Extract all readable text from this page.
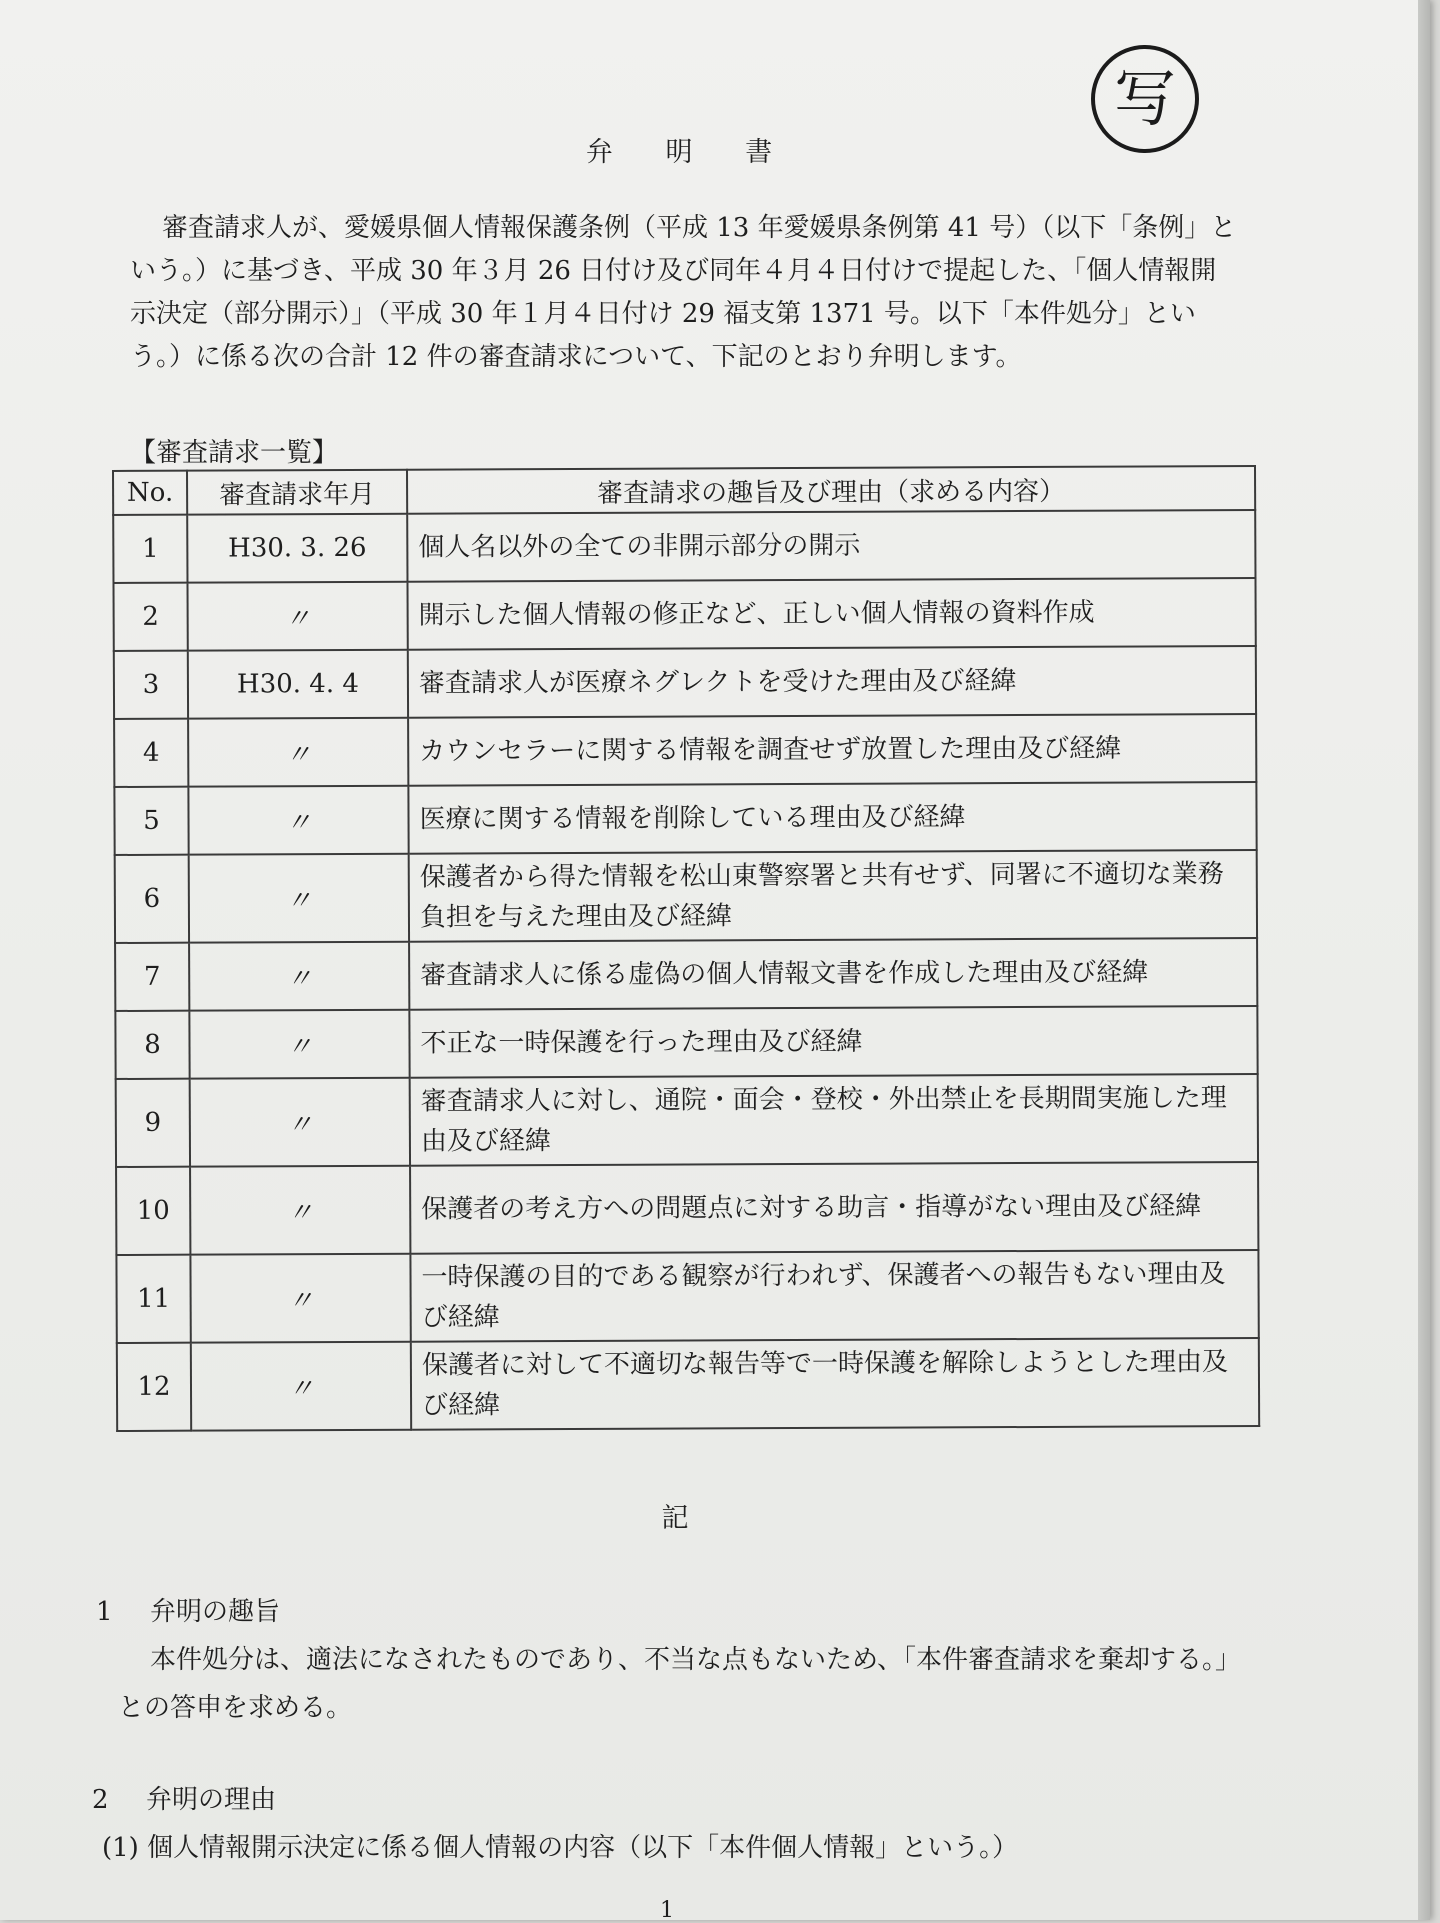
写
弁 明 書

審査請求人が、愛媛県個人情報保護条例（平成 13 年愛媛県条例第 41 号）（以下「条例」という。）に基づき、平成 30 年３月 26 日付け及び同年４月４日付けで提起した、「個人情報開示決定（部分開示）」（平成 30 年１月４日付け 29 福支第 1371 号。以下「本件処分」という。）に係る次の合計 12 件の審査請求について、下記のとおり弁明します。

【審査請求一覧】
No.	審査請求年月	審査請求の趣旨及び理由（求める内容）
1	H30. 3. 26	個人名以外の全ての非開示部分の開示
2	〃	開示した個人情報の修正など、正しい個人情報の資料作成
3	H30. 4. 4	審査請求人が医療ネグレクトを受けた理由及び経緯
4	〃	カウンセラーに関する情報を調査せず放置した理由及び経緯
5	〃	医療に関する情報を削除している理由及び経緯
6	〃	保護者から得た情報を松山東警察署と共有せず、同署に不適切な業務負担を与えた理由及び経緯
7	〃	審査請求人に係る虚偽の個人情報文書を作成した理由及び経緯
8	〃	不正な一時保護を行った理由及び経緯
9	〃	審査請求人に対し、通院・面会・登校・外出禁止を長期間実施した理由及び経緯
10	〃	保護者の考え方への問題点に対する助言・指導がない理由及び経緯
11	〃	一時保護の目的である観察が行われず、保護者への報告もない理由及び経緯
12	〃	保護者に対して不適切な報告等で一時保護を解除しようとした理由及び経緯
記
1 弁明の趣旨

本件処分は、適法になされたものであり、不当な点もないため、「本件審査請求を棄却する。」との答申を求める。

2 弁明の理由
(1) 個人情報開示決定に係る個人情報の内容（以下「本件個人情報」という。）
1
